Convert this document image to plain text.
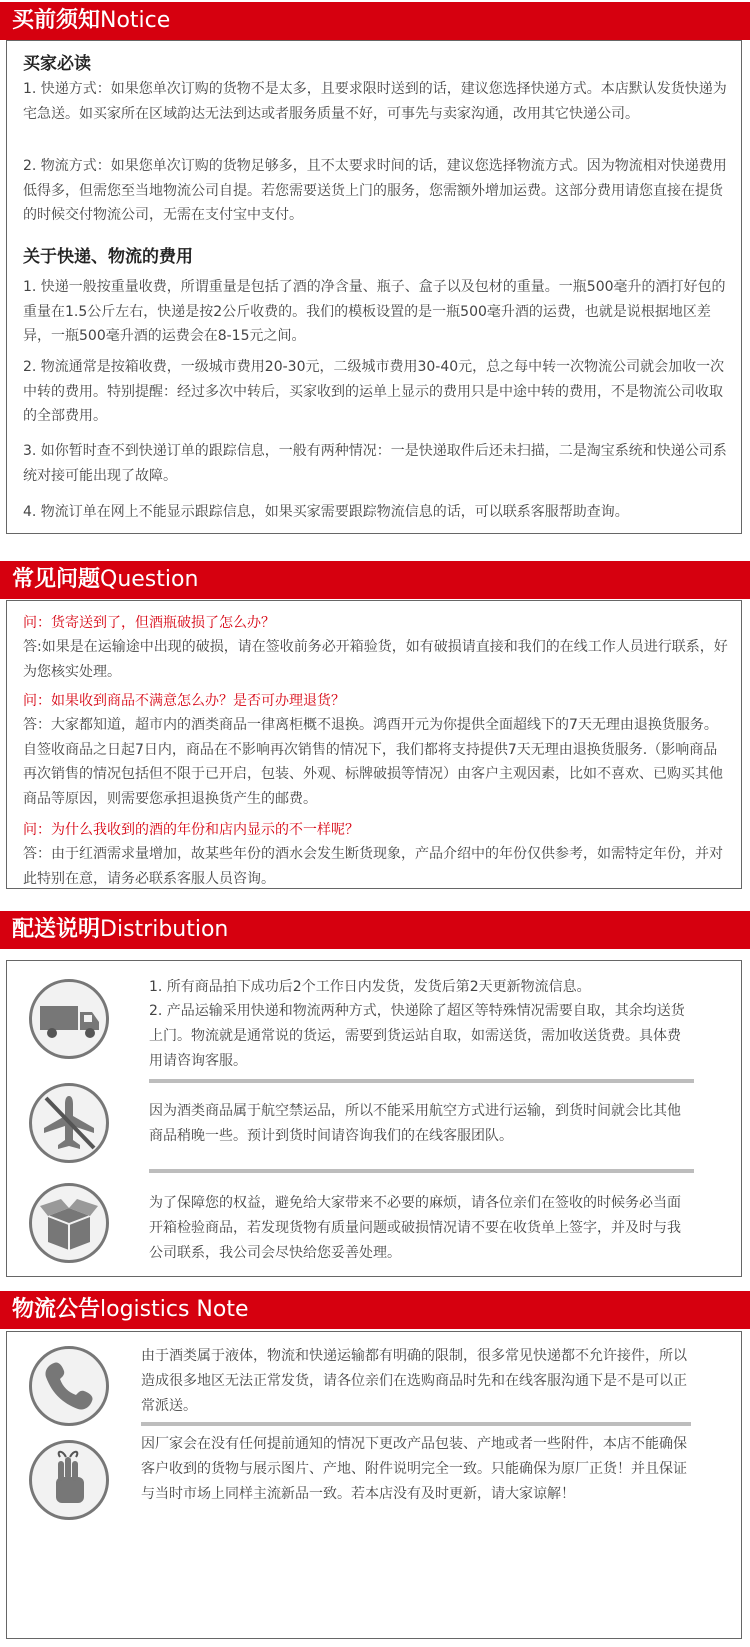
买前须知Notice
买家必读
1. 快递方式：如果您单次订购的货物不是太多，且要求限时送到的话，建议您选择快递方式。本店默认发货快递为宅急送。如买家所在区域韵达无法到达或者服务质量不好，可事先与卖家沟通，改用其它快递公司。
2. 物流方式：如果您单次订购的货物足够多，且不太要求时间的话，建议您选择物流方式。因为物流相对快递费用低得多，但需您至当地物流公司自提。若您需要送货上门的服务，您需额外增加运费。这部分费用请您直接在提货的时候交付物流公司，无需在支付宝中支付。
关于快递、物流的费用
1. 快递一般按重量收费，所谓重量是包括了酒的净含量、瓶子、盒子以及包材的重量。一瓶500毫升的酒打好包的重量在1.5公斤左右，快递是按2公斤收费的。我们的模板设置的是一瓶500毫升酒的运费，也就是说根据地区差异，一瓶500毫升酒的运费会在8-15元之间。
2. 物流通常是按箱收费，一级城市费用20-30元，二级城市费用30-40元，总之每中转一次物流公司就会加收一次中转的费用。特别提醒：经过多次中转后，买家收到的运单上显示的费用只是中途中转的费用，不是物流公司收取的全部费用。
3. 如你暂时查不到快递订单的跟踪信息，一般有两种情况：一是快递取件后还未扫描，二是淘宝系统和快递公司系统对接可能出现了故障。
4. 物流订单在网上不能显示跟踪信息，如果买家需要跟踪物流信息的话，可以联系客服帮助查询。
常见问题Question
问：货寄送到了，但酒瓶破损了怎么办？
答:如果是在运输途中出现的破损，请在签收前务必开箱验货，如有破损请直接和我们的在线工作人员进行联系，好为您核实处理。
问：如果收到商品不满意怎么办？是否可办理退货？
答：大家都知道，超市内的酒类商品一律离柜概不退换。鸿酉开元为你提供全面超线下的7天无理由退换货服务。自签收商品之日起7日内，商品在不影响再次销售的情况下，我们都将支持提供7天无理由退换货服务.（影响商品再次销售的情况包括但不限于已开启，包装、外观、标牌破损等情况）由客户主观因素，比如不喜欢、已购买其他商品等原因，则需要您承担退换货产生的邮费。
问：为什么我收到的酒的年份和店内显示的不一样呢？
答：由于红酒需求量增加，故某些年份的酒水会发生断货现象，产品介绍中的年份仅供参考，如需特定年份，并对此特别在意，请务必联系客服人员咨询。
配送说明Distribution
1. 所有商品拍下成功后2个工作日内发货，发货后第2天更新物流信息。
2. 产品运输采用快递和物流两种方式，快递除了超区等特殊情况需要自取，其余均送货上门。物流就是通常说的货运，需要到货运站自取，如需送货，需加收送货费。具体费用请咨询客服。
因为酒类商品属于航空禁运品，所以不能采用航空方式进行运输，到货时间就会比其他商品稍晚一些。预计到货时间请咨询我们的在线客服团队。
为了保障您的权益，避免给大家带来不必要的麻烦，请各位亲们在签收的时候务必当面开箱检验商品，若发现货物有质量问题或破损情况请不要在收货单上签字，并及时与我公司联系，我公司会尽快给您妥善处理。
物流公告logistics Note
由于酒类属于液体，物流和快递运输都有明确的限制，很多常见快递都不允许接件，所以造成很多地区无法正常发货，请各位亲们在选购商品时先和在线客服沟通下是不是可以正常派送。
因厂家会在没有任何提前通知的情况下更改产品包装、产地或者一些附件，本店不能确保客户收到的货物与展示图片、产地、附件说明完全一致。只能确保为原厂正货！并且保证与当时市场上同样主流新品一致。若本店没有及时更新，请大家谅解！
